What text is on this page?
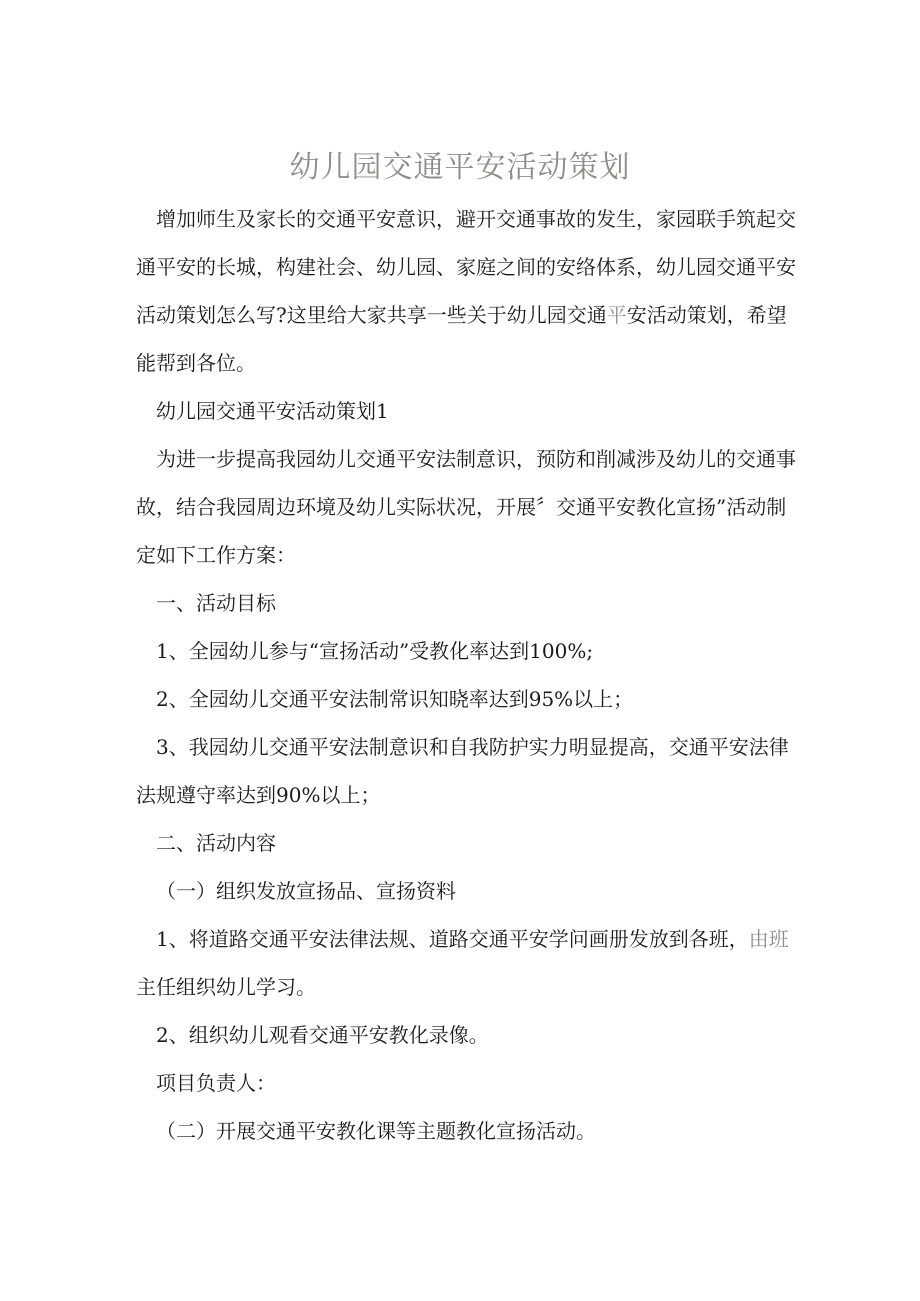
幼儿园交通平安活动策划

增加师生及家长的交通平安意识，避开交通事故的发生，家园联手筑起交通平安的长城，构建社会、幼儿园、家庭之间的安络体系，幼儿园交通平安活动策划怎么写?这里给大家共享一些关于幼儿园交通平安活动策划，希望能帮到各位。

幼儿园交通平安活动策划1

为进一步提高我园幼儿交通平安法制意识，预防和削减涉及幼儿的交通事故，结合我园周边环境及幼儿实际状况，开展〞交通平安教化宣扬”活动制定如下工作方案：

一、活动目标

1、全园幼儿参与“宣扬活动”受教化率达到100%;

2、全园幼儿交通平安法制常识知晓率达到95%以上；

3、我园幼儿交通平安法制意识和自我防护实力明显提高，交通平安法律法规遵守率达到90%以上；

二、活动内容

（一）组织发放宣扬品、宣扬资料

1、将道路交通平安法律法规、道路交通平安学问画册发放到各班，由班主任组织幼儿学习。

2、组织幼儿观看交通平安教化录像。

项目负责人：

（二）开展交通平安教化课等主题教化宣扬活动。
